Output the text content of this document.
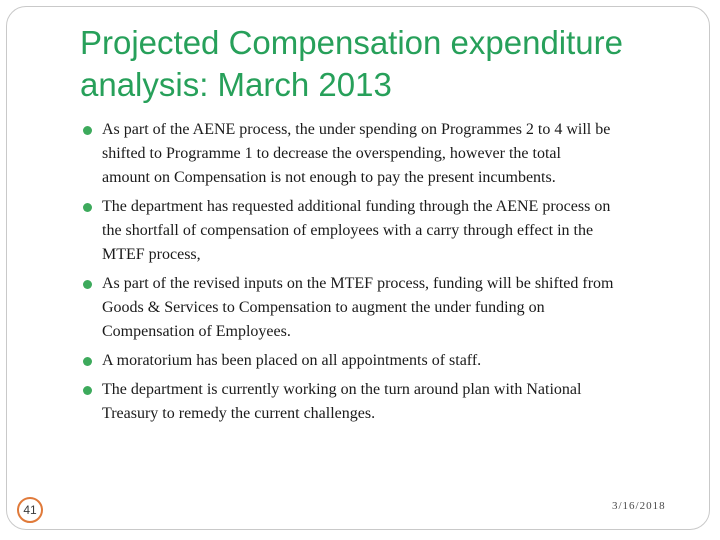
Projected Compensation expenditure
analysis: March 2013
As part of the AENE process, the under spending on Programmes 2 to 4 will be
shifted to Programme 1 to decrease the overspending, however the total
amount on Compensation is not enough to pay the present incumbents.
The department has requested additional funding through the AENE process on
the shortfall of compensation of employees with a carry through effect in the
MTEF process,
As part of the revised inputs on the MTEF process, funding will be shifted from
Goods & Services to Compensation to augment the under funding on
Compensation of Employees.
A moratorium has been placed on all appointments of staff.
The department is currently working on the turn around plan with National
Treasury to remedy the current challenges.
41	3/16/2018
